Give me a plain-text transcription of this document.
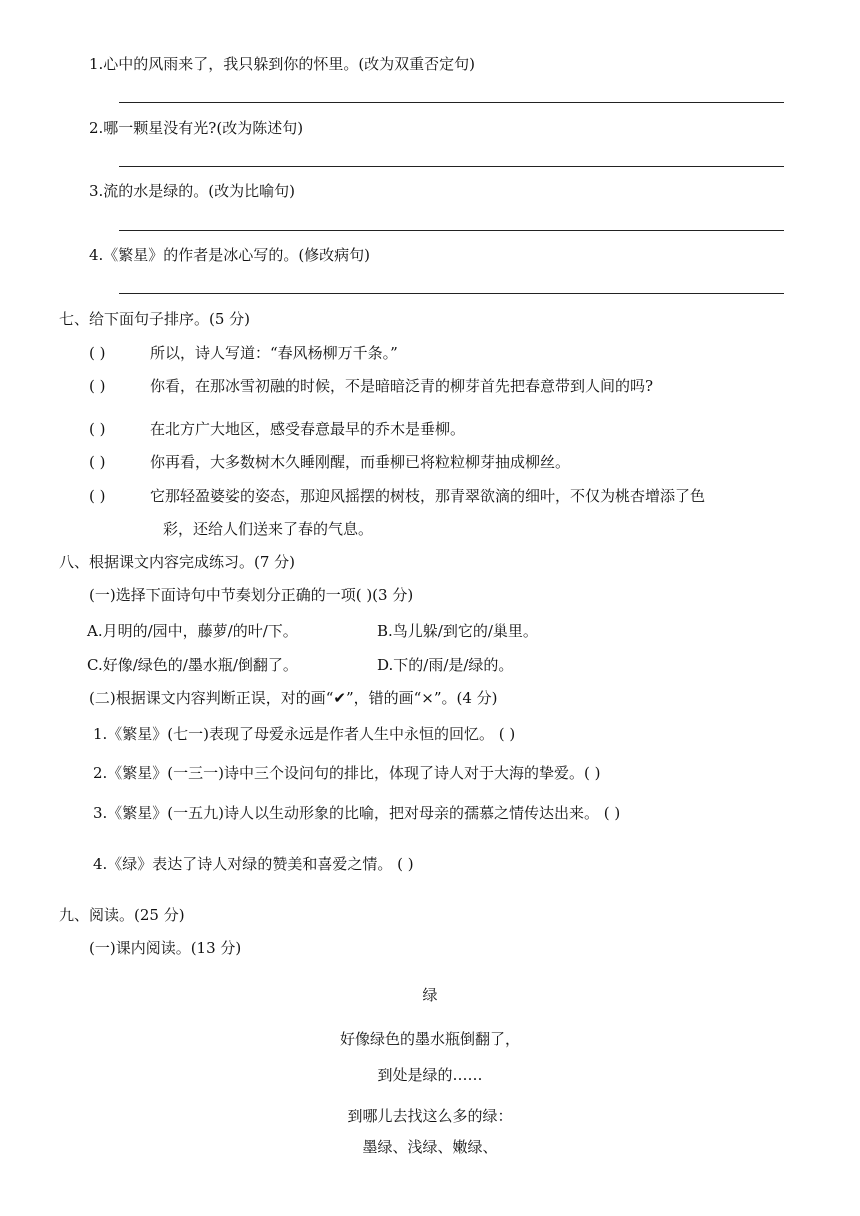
1.心中的风雨来了，我只躲到你的怀里。(改为双重否定句)
2.哪一颗星没有光?(改为陈述句)
3.流的水是绿的。(改为比喻句)
4.《繁星》的作者是冰心写的。(修改病句)
七、给下面句子排序。(5 分)
( )	所以，诗人写道：“春风杨柳万千条。”
( )	你看，在那冰雪初融的时候，不是暗暗泛青的柳芽首先把春意带到人间的吗?
( )	在北方广大地区，感受春意最早的乔木是垂柳。
( )	你再看，大多数树木久睡刚醒，而垂柳已将粒粒柳芽抽成柳丝。
( )	它那轻盈婆娑的姿态，那迎风摇摆的树枝，那青翠欲滴的细叶，不仅为桃杏增添了色
彩，还给人们送来了春的气息。
八、根据课文内容完成练习。(7 分)
(一)选择下面诗句中节奏划分正确的一项( )(3 分)
A.月明的/园中，藤萝/的叶/下。	B.鸟儿躲/到它的/巢里。
C.好像/绿色的/墨水瓶/倒翻了。	D.下的/雨/是/绿的。
(二)根据课文内容判断正误，对的画“✔”，错的画“×”。(4 分)
1.《繁星》(七一)表现了母爱永远是作者人生中永恒的回忆。 ( )
2.《繁星》(一三一)诗中三个设问句的排比，体现了诗人对于大海的挚爱。( )
3.《繁星》(一五九)诗人以生动形象的比喻，把对母亲的孺慕之情传达出来。 ( )
4.《绿》表达了诗人对绿的赞美和喜爱之情。 ( )
九、阅读。(25 分)
(一)课内阅读。(13 分)
绿
好像绿色的墨水瓶倒翻了，
到处是绿的……
到哪儿去找这么多的绿：
墨绿、浅绿、嫩绿、
